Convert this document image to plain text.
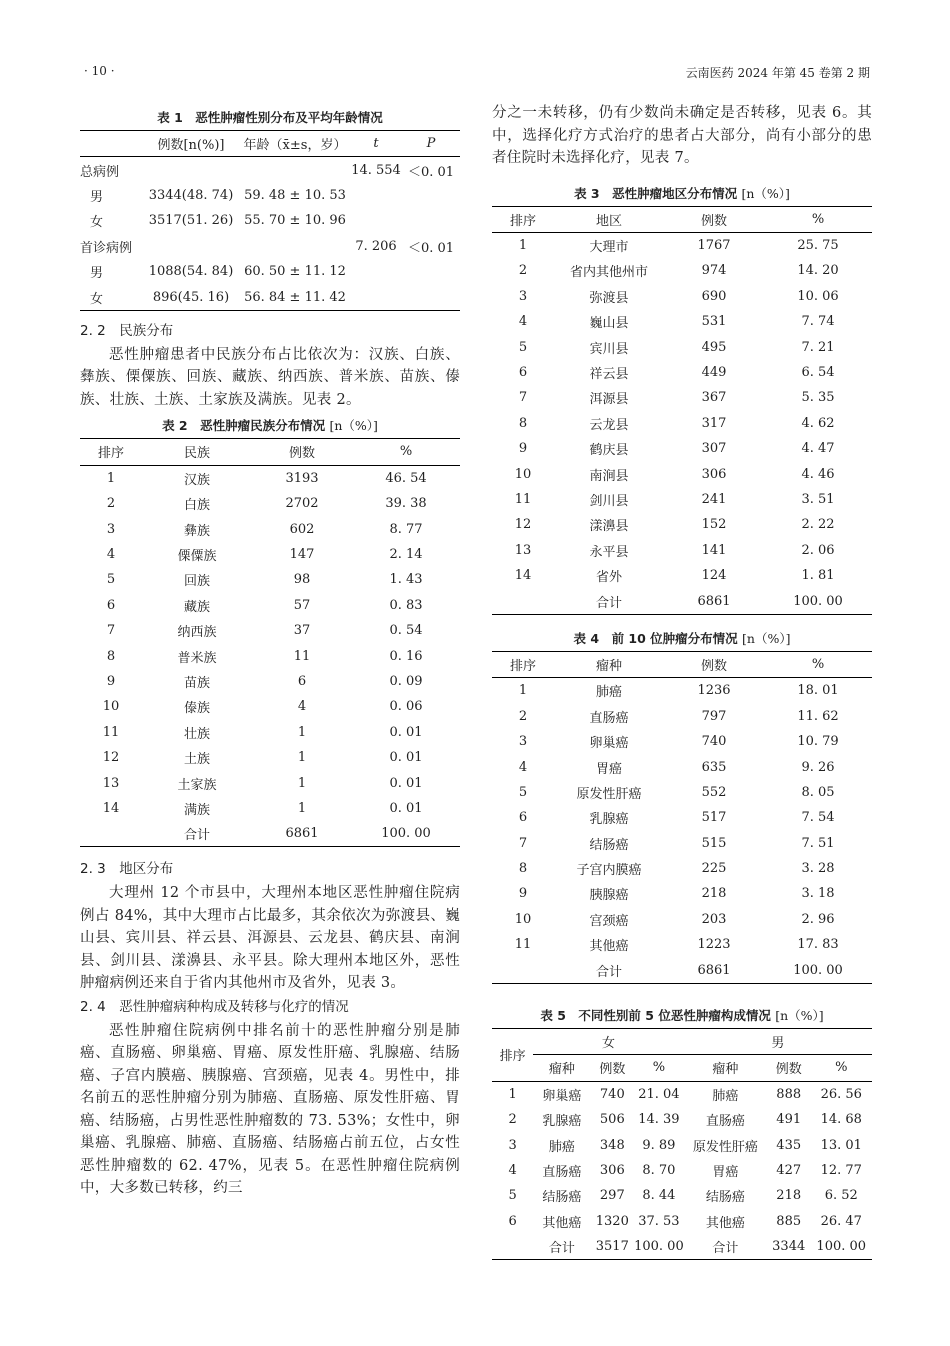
· 10 ·	云南医药 2024 年第 45 卷第 2 期
表 1　恶性肿瘤性别分布及平均年龄情况
	例数[n(%)]	年龄（x̄±s，岁）	t	P
总病例			14. 554	＜0. 01
男	3344(48. 74)	59. 48 ± 10. 53		
女	3517(51. 26)	55. 70 ± 10. 96		
首诊病例			7. 206	＜0. 01
男	1088(54. 84)	60. 50 ± 11. 12		
女	896(45. 16)	56. 84 ± 11. 42		
2. 2　民族分布

恶性肿瘤患者中民族分布占比依次为：汉族、白族、彝族、傈僳族、回族、藏族、纳西族、普米族、苗族、傣族、壮族、土族、土家族及满族。见表 2。

表 2　恶性肿瘤民族分布情况 [n（%）]
排序	民族	例数	%
1	汉族	3193	46. 54
2	白族	2702	39. 38
3	彝族	602	8. 77
4	傈僳族	147	2. 14
5	回族	98	1. 43
6	藏族	57	0. 83
7	纳西族	37	0. 54
8	普米族	11	0. 16
9	苗族	6	0. 09
10	傣族	4	0. 06
11	壮族	1	0. 01
12	土族	1	0. 01
13	土家族	1	0. 01
14	满族	1	0. 01
	合计	6861	100. 00
2. 3　地区分布

大理州 12 个市县中，大理州本地区恶性肿瘤住院病例占 84%，其中大理市占比最多，其余依次为弥渡县、巍山县、宾川县、祥云县、洱源县、云龙县、鹤庆县、南涧县、剑川县、漾濞县、永平县。除大理州本地区外，恶性肿瘤病例还来自于省内其他州市及省外，见表 3。

2. 4　恶性肿瘤病种构成及转移与化疗的情况

恶性肿瘤住院病例中排名前十的恶性肿瘤分别是肺癌、直肠癌、卵巢癌、胃癌、原发性肝癌、乳腺癌、结肠癌、子宫内膜癌、胰腺癌、宫颈癌，见表 4。男性中，排名前五的恶性肿瘤分别为肺癌、直肠癌、原发性肝癌、胃癌、结肠癌，占男性恶性肿瘤数的 73. 53%；女性中，卵巢癌、乳腺癌、肺癌、直肠癌、结肠癌占前五位，占女性恶性肿瘤数的 62. 47%，见表 5。在恶性肿瘤住院病例中，大多数已转移，约三

分之一未转移，仍有少数尚未确定是否转移，见表 6。其中，选择化疗方式治疗的患者占大部分，尚有小部分的患者住院时未选择化疗，见表 7。

表 3　恶性肿瘤地区分布情况 [n（%）]
排序	地区	例数	%
1	大理市	1767	25. 75
2	省内其他州市	974	14. 20
3	弥渡县	690	10. 06
4	巍山县	531	7. 74
5	宾川县	495	7. 21
6	祥云县	449	6. 54
7	洱源县	367	5. 35
8	云龙县	317	4. 62
9	鹤庆县	307	4. 47
10	南涧县	306	4. 46
11	剑川县	241	3. 51
12	漾濞县	152	2. 22
13	永平县	141	2. 06
14	省外	124	1. 81
	合计	6861	100. 00
表 4　前 10 位肿瘤分布情况 [n（%）]
排序	瘤种	例数	%
1	肺癌	1236	18. 01
2	直肠癌	797	11. 62
3	卵巢癌	740	10. 79
4	胃癌	635	9. 26
5	原发性肝癌	552	8. 05
6	乳腺癌	517	7. 54
7	结肠癌	515	7. 51
8	子宫内膜癌	225	3. 28
9	胰腺癌	218	3. 18
10	宫颈癌	203	2. 96
11	其他癌	1223	17. 83
	合计	6861	100. 00
表 5　不同性别前 5 位恶性肿瘤构成情况 [n（%）]
排序	女			男		
	瘤种	例数	%	瘤种	例数	%
1	卵巢癌	740	21. 04	肺癌	888	26. 56
2	乳腺癌	506	14. 39	直肠癌	491	14. 68
3	肺癌	348	9. 89	原发性肝癌	435	13. 01
4	直肠癌	306	8. 70	胃癌	427	12. 77
5	结肠癌	297	8. 44	结肠癌	218	6. 52
6	其他癌	1320	37. 53	其他癌	885	26. 47
	合计	3517	100. 00	合计	3344	100. 00
